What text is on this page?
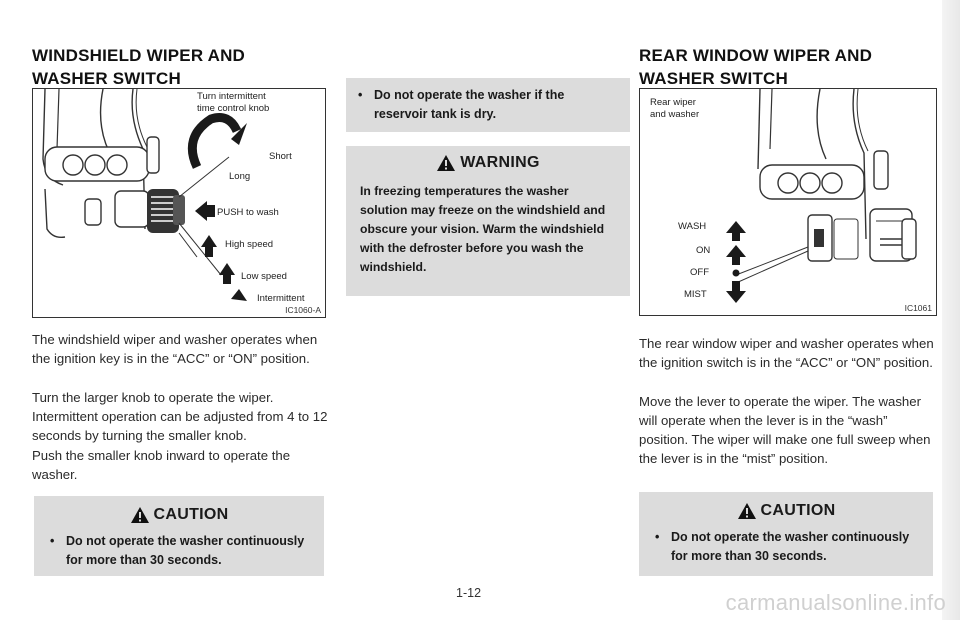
WINDSHIELD WIPER AND
WASHER SWITCH
Turn intermittent
time control knob
Short
Long
PUSH to wash
High speed
Low speed
Intermittent
IC1060-A
The windshield wiper and washer operates when the ignition key is in the “ACC” or “ON” position.
Turn the larger knob to operate the wiper. Intermittent operation can be adjusted from 4 to 12 seconds by turning the smaller knob.
Push the smaller knob inward to operate the washer.
CAUTION
• Do not operate the washer continuously for more than 30 seconds.
• Do not operate the washer if the reservoir tank is dry.
WARNING
In freezing temperatures the washer solution may freeze on the windshield and obscure your vision. Warm the windshield with the defroster before you wash the windshield.
REAR WINDOW WIPER AND
WASHER SWITCH
Rear wiper
and washer
WASH
ON
OFF
MIST
IC1061
The rear window wiper and washer operates when the ignition switch is in the “ACC” or “ON” position.
Move the lever to operate the wiper. The washer will operate when the lever is in the “wash” position. The wiper will make one full sweep when the lever is in the “mist” position.
CAUTION
• Do not operate the washer continuously for more than 30 seconds.
1-12	carmanualsonline.info
